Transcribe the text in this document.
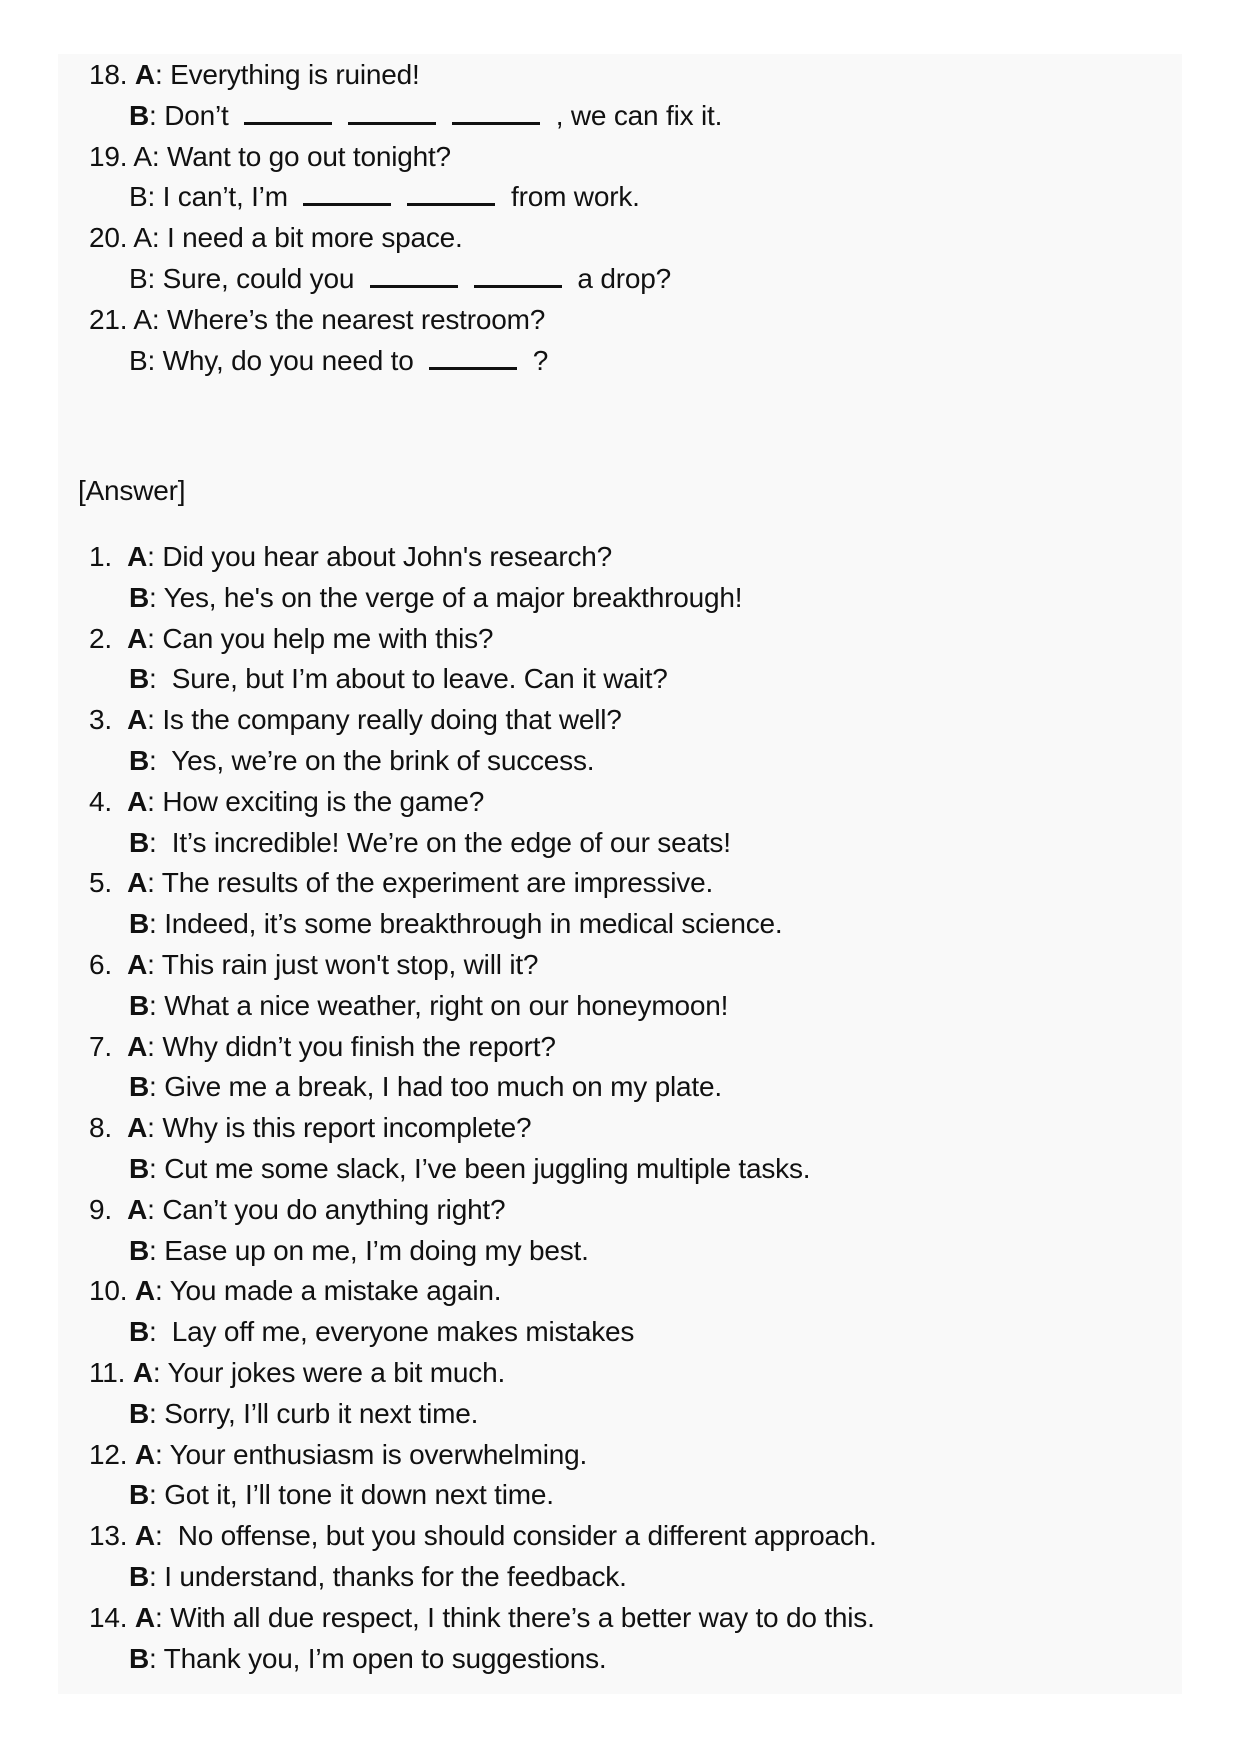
18. A: Everything is ruined!
B: Don’t	, we can fix it.
19. A: Want to go out tonight?
B: I can’t, I’m	from work.
20. A: I need a bit more space.
B: Sure, could you	a drop?
21. A: Where’s the nearest restroom?
B: Why, do you need to	?
[Answer]
1. A: Did you hear about John's research?
B: Yes, he's on the verge of a major breakthrough!
2. A: Can you help me with this?
B:  Sure, but I’m about to leave. Can it wait?
3. A: Is the company really doing that well?
B:  Yes, we’re on the brink of success.
4. A: How exciting is the game?
B:  It’s incredible! We’re on the edge of our seats!
5. A: The results of the experiment are impressive.
B: Indeed, it’s some breakthrough in medical science.
6. A: This rain just won't stop, will it?
B: What a nice weather, right on our honeymoon!
7. A: Why didn’t you finish the report?
B: Give me a break, I had too much on my plate.
8. A: Why is this report incomplete?
B: Cut me some slack, I’ve been juggling multiple tasks.
9. A: Can’t you do anything right?
B: Ease up on me, I’m doing my best.
10. A: You made a mistake again.
B:  Lay off me, everyone makes mistakes
11. A: Your jokes were a bit much.
B: Sorry, I’ll curb it next time.
12. A: Your enthusiasm is overwhelming.
B: Got it, I’ll tone it down next time.
13. A:  No offense, but you should consider a different approach.
B: I understand, thanks for the feedback.
14. A: With all due respect, I think there’s a better way to do this.
B: Thank you, I’m open to suggestions.
